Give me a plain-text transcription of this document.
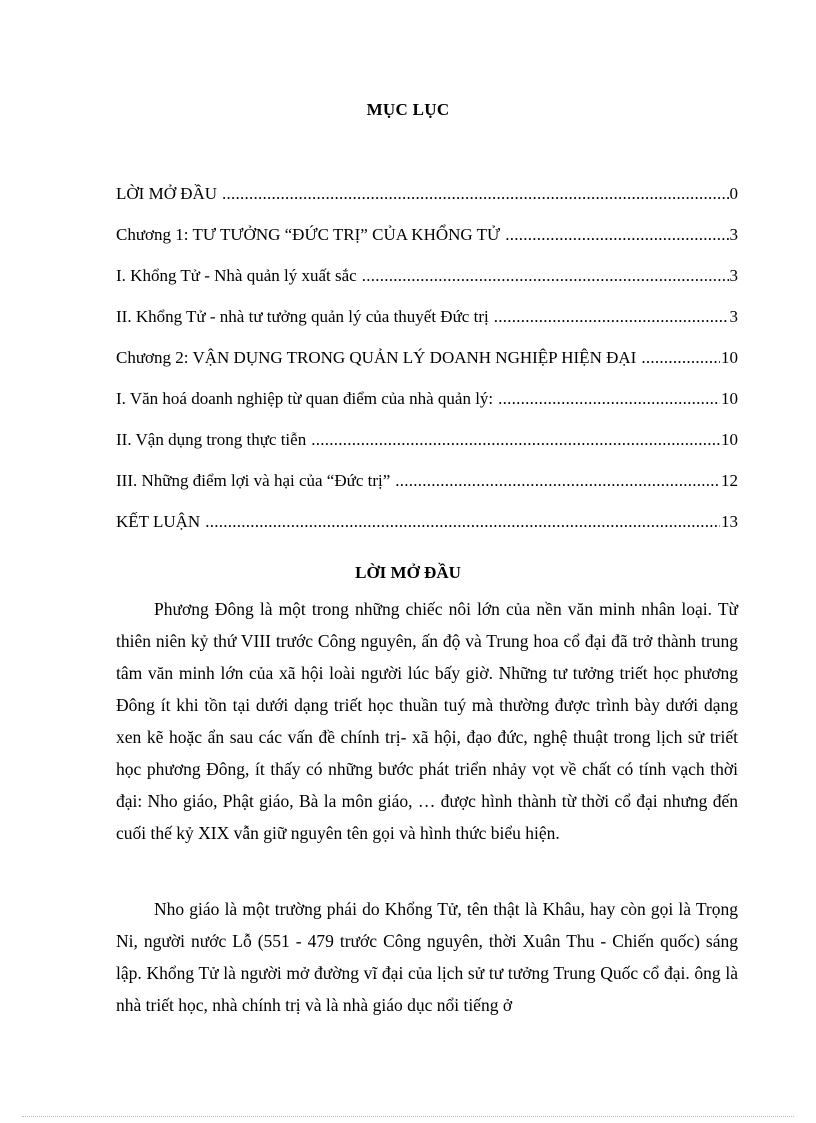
MỤC LỤC
LỜI MỞ ĐẦU . . .	0
Chương 1: TƯ TƯỞNG “ĐỨC TRỊ” CỦA KHỔNG TỬ . . .	3
I. Khổng Tử - Nhà quản lý xuất sắc . . .	3
II. Khổng Tử - nhà tư tưởng quản lý của thuyết Đức trị . . .	3
Chương 2: VẬN DỤNG TRONG QUẢN LÝ DOANH NGHIỆP HIỆN ĐẠI . . .	10
I. Văn hoá doanh nghiệp từ quan điểm của nhà quản lý: . . .	10
II. Vận dụng trong thực tiễn . . .	10
III. Những điểm lợi và hại của “Đức trị” . . .	12
KẾT LUẬN . . .	13
LỜI MỞ ĐẦU

Phương Đông là một trong những chiếc nôi lớn của nền văn minh nhân loại. Từ thiên niên kỷ thứ VIII trước Công nguyên, ấn độ và Trung hoa cổ đại đã trở thành trung tâm văn minh lớn của xã hội loài người lúc bấy giờ. Những tư tưởng triết học phương Đông ít khi tồn tại dưới dạng triết học thuần tuý mà thường được trình bày dưới dạng xen kẽ hoặc ẩn sau các vấn đề chính trị- xã hội, đạo đức, nghệ thuật trong lịch sử triết học phương Đông, ít thấy có những bước phát triển nhảy vọt về chất có tính vạch thời đại: Nho giáo, Phật giáo, Bà la môn giáo, … được hình thành từ thời cổ đại nhưng đến cuối thế kỷ XIX vẫn giữ nguyên tên gọi và hình thức biểu hiện.

Nho giáo là một trường phái do Khổng Tử, tên thật là Khâu, hay còn gọi là Trọng Ni, người nước Lỗ (551 - 479 trước Công nguyên, thời Xuân Thu - Chiến quốc) sáng lập. Khổng Tử là người mở đường vĩ đại của lịch sử tư tưởng Trung Quốc cổ đại. ông là nhà triết học, nhà chính trị và là nhà giáo dục nổi tiếng ở
